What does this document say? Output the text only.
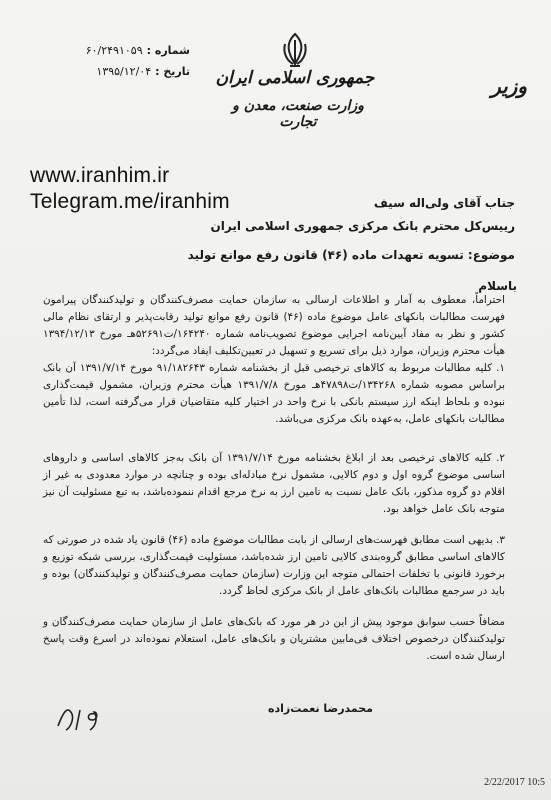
جمهوری اسلامی ایران
وزارت صنعت، معدن و تجارت
وزیر
شماره :
۶۰/۲۴۹۱۰۵۹
تاریخ :
۱۳۹۵/۱۲/۰۴
www.iranhim.ir
Telegram.me/iranhim	جناب آقای ولی‌اله سیف
رییس‌کل محترم بانک مرکزی جمهوری اسلامی ایران
موضوع: تسویه تعهدات ماده (۴۶) قانون رفع موانع تولید
باسلام
احتراماً، معطوف به آمار و اطلاعات ارسالی به سازمان حمایت مصرف‌کنندگان و تولیدکنندگان پیرامون فهرست مطالبات بانکهای عامل موضوع ماده (۴۶) قانون رفع موانع تولید رقابت‌پذیر و ارتقای نظام مالی کشور و نظر به مفاد آیین‌نامه اجرایی موضوع تصویب‌نامه شماره ۱۶۴۲۴۰/ت۵۲۶۹۱هـ مورخ ۱۳۹۴/۱۲/۱۳ هیأت محترم وزیران، موارد ذیل برای تسریع و تسهیل در تعیین‌تکلیف ایفاد می‌گردد:
۱. کلیه مطالبات مربوط به کالاهای ترخیصی قبل از بخشنامه شماره ۹۱/۱۸۲۶۴۳ مورخ ۱۳۹۱/۷/۱۴ آن بانک براساس مصوبه شماره ۱۳۴۲۶۸/ت۴۷۸۹۸هـ مورخ ۱۳۹۱/۷/۸ هیأت محترم وزیران، مشمول قیمت‌گذاری نبوده و بلحاظ اینکه ارز سیستم بانکی با نرخ واحد در اختیار کلیه متقاضیان قرار می‌گرفته است، لذا تأمین مطالبات بانکهای عامل، به‌عهده بانک مرکزی می‌باشد.
۲. کلیه کالاهای ترخیصی بعد از ابلاغ بخشنامه مورخ ۱۳۹۱/۷/۱۴ آن بانک به‌جز کالاهای اساسی و داروهای اساسی موضوع گروه اول و دوم کالایی، مشمول نرخ مبادله‌ای بوده و چنانچه در موارد معدودی به غیر از اقلام دو گروه مذکور، بانک عامل نسبت به تامین ارز به نرخ مرجع اقدام ننموده‌باشد، به تبع مسئولیت آن نیز متوجه بانک عامل خواهد بود.
۳. بدیهی است مطابق فهرست‌های ارسالی از بابت مطالبات موضوع ماده (۴۶) قانون یاد شده در صورتی که کالاهای اساسی مطابق گروه‌بندی کالایی تامین ارز شده‌باشد، مسئولیت قیمت‌گذاری، بررسی شبکه توزیع و برخورد قانونی با تخلفات احتمالی متوجه این وزارت (سازمان حمایت مصرف‌کنندگان و تولیدکنندگان) بوده و باید در سرجمع مطالبات بانک‌های عامل از بانک مرکزی لحاظ گردد.
مضافاً حسب سوابق موجود پیش از این در هر مورد که بانک‌های عامل از سازمان حمایت مصرف‌کنندگان و تولیدکنندگان درخصوص اختلاف فی‌مابین مشتریان و بانک‌های عامل، استعلام نموده‌اند در اسرع وقت پاسخ ارسال شده است.
محمدرضا نعمت‌زاده
2/22/2017 10:5
